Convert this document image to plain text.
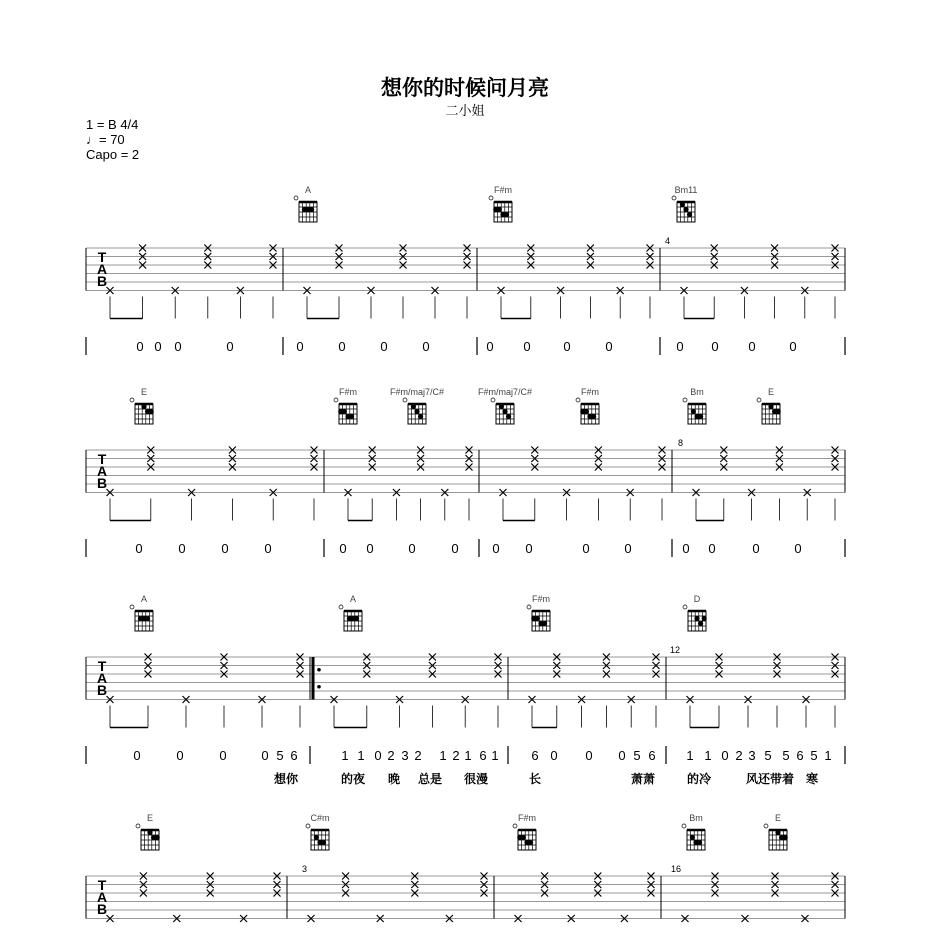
想你的时候问月亮
二小姐
1 = B 4/4
♩= 70
Capo = 2
T
A
B
A	F#m	Bm11
4
0 0 0	0	0	0	0	0	0 0	0	0	0 0 0	0
T
A
B
E	F#m	F#m/maj7/C#	F#m/maj7/C#	F#m	Bm	E
8
0	0	0	0	0 0	0	0	0 0	0	0	0 0	0	0
T
A
B
A	A	F#m	D
12
0	0	0	0 5 6	1 1 0 2 3 2 1 2 1 6 1	6 0 0 0 5 6 1 1 0 2 3 5 5 6 5 1
想你	的夜 晚 总是 很漫	长	萧萧	的冷	风还带着 寒
T
A
B
E	C#m	F#m	Bm	E
16
3
